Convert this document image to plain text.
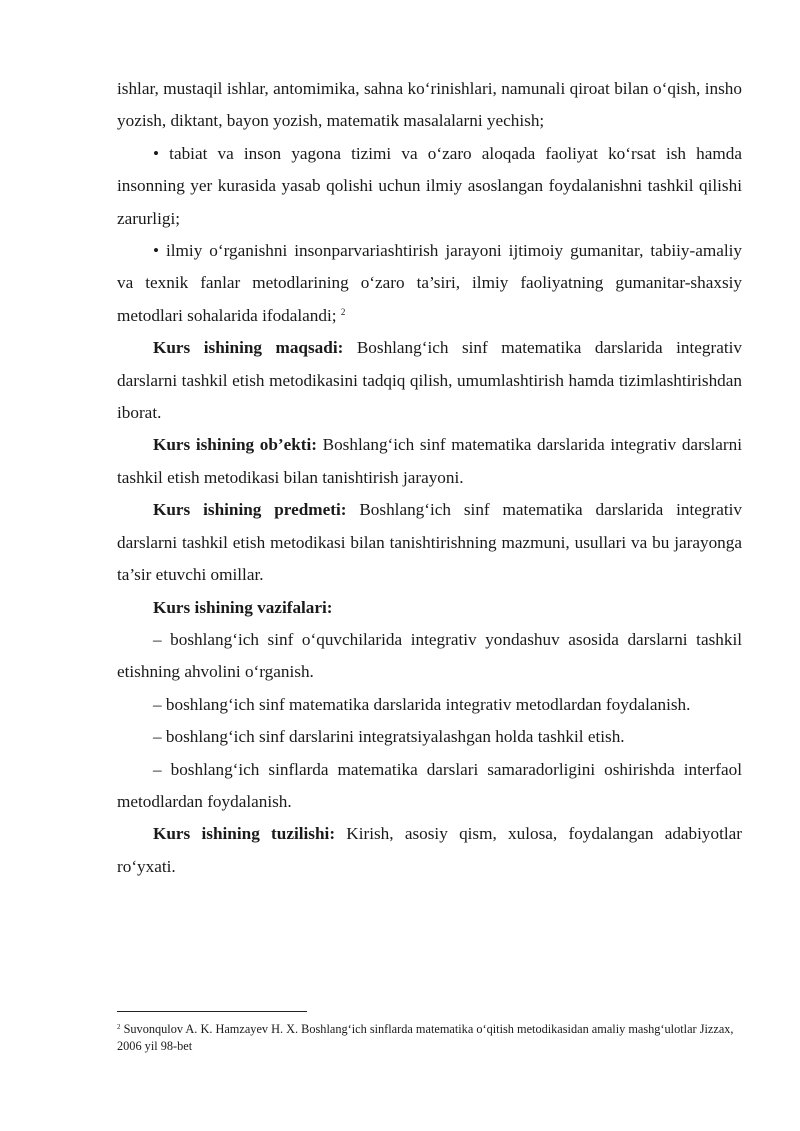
ishlar, mustaqil ishlar, antomimika, sahna ko‘rinishlari, namunali qiroat bilan o‘qish, insho yozish, diktant, bayon yozish, matematik masalalarni yechish;

• tabiat va inson yagona tizimi va o‘zaro aloqada faoliyat ko‘rsat ish hamda insonning yer kurasida yasab qolishi uchun ilmiy asoslangan foydalanishni tashkil qilishi zarurligi;

• ilmiy o‘rganishni insonparvariashtirish jarayoni ijtimoiy gumanitar, tabiiy-amaliy va texnik fanlar metodlarining o‘zaro ta’siri, ilmiy faoliyatning gumanitar-shaxsiy metodlari sohalarida ifodalandi; $^2$

Kurs ishining maqsadi: Boshlang‘ich sinf matematika darslarida integrativ darslarni tashkil etish metodikasini tadqiq qilish, umumlashtirish hamda tizimlashtirishdan iborat.

Kurs ishining ob’ekti: Boshlang‘ich sinf matematika darslarida integrativ darslarni tashkil etish metodikasi bilan tanishtirish jarayoni.

Kurs ishining predmeti: Boshlang‘ich sinf matematika darslarida integrativ darslarni tashkil etish metodikasi bilan tanishtirishning mazmuni, usullari va bu jarayonga ta’sir etuvchi omillar.

Kurs ishining vazifalari:

– boshlang‘ich sinf o‘quvchilarida integrativ yondashuv asosida darslarni tashkil etishning ahvolini o‘rganish.

– boshlang‘ich sinf matematika darslarida integrativ metodlardan foydalanish.

– boshlang‘ich sinf darslarini integratsiyalashgan holda tashkil etish.

– boshlang‘ich sinflarda matematika darslari samaradorligini oshirishda interfaol metodlardan foydalanish.

Kurs ishining tuzilishi: Kirish, asosiy qism, xulosa, foydalangan adabiyotlar ro‘yxati.

$^2$ Suvonqulov A. K. Hamzayev H. X. Boshlang‘ich sinflarda matematika o‘qitish metodikasidan amaliy mashg‘ulotlar Jizzax, 2006 yil 98-bet
